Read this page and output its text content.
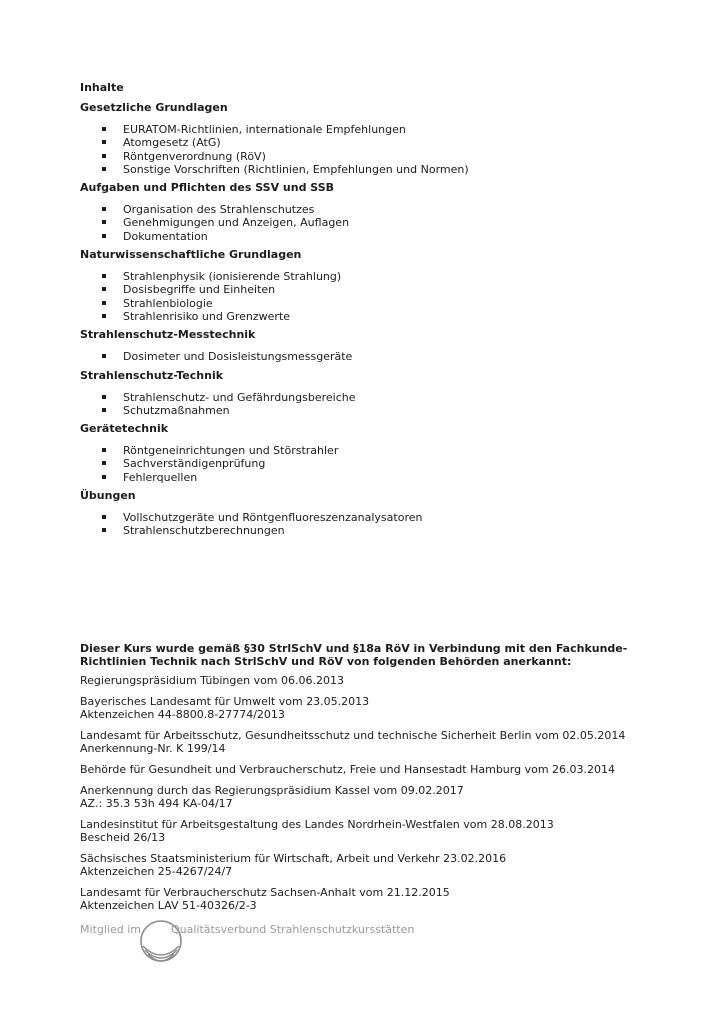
Inhalte
Gesetzliche Grundlagen
EURATOM-Richtlinien, internationale Empfehlungen
Atomgesetz (AtG)
Röntgenverordnung (RöV)
Sonstige Vorschriften (Richtlinien, Empfehlungen und Normen)
Aufgaben und Pflichten des SSV und SSB
Organisation des Strahlenschutzes
Genehmigungen und Anzeigen, Auflagen
Dokumentation
Naturwissenschaftliche Grundlagen
Strahlenphysik (ionisierende Strahlung)
Dosisbegriffe und Einheiten
Strahlenbiologie
Strahlenrisiko und Grenzwerte
Strahlenschutz-Messtechnik
Dosimeter und Dosisleistungsmessgeräte
Strahlenschutz-Technik
Strahlenschutz- und Gefährdungsbereiche
Schutzmaßnahmen
Gerätetechnik
Röntgeneinrichtungen und Störstrahler
Sachverständigenprüfung
Fehlerquellen
Übungen
Vollschutzgeräte und Röntgenfluoreszenzanalysatoren
Strahlenschutzberechnungen
Dieser Kurs wurde gemäß §30 StrlSchV und §18a RöV in Verbindung mit den Fachkunde-
Richtlinien Technik nach StrlSchV und RöV von folgenden Behörden anerkannt:
Regierungspräsidium Tübingen vom 06.06.2013
Bayerisches Landesamt für Umwelt vom 23.05.2013
Aktenzeichen 44-8800.8-27774/2013
Landesamt für Arbeitsschutz, Gesundheitsschutz und technische Sicherheit Berlin vom 02.05.2014
Anerkennung-Nr. K 199/14
Behörde für Gesundheit und Verbraucherschutz, Freie und Hansestadt Hamburg vom 26.03.2014
Anerkennung durch das Regierungspräsidium Kassel vom 09.02.2017
AZ.: 35.3 53h 494 KA-04/17
Landesinstitut für Arbeitsgestaltung des Landes Nordrhein-Westfalen vom 28.08.2013
Bescheid 26/13
Sächsisches Staatsministerium für Wirtschaft, Arbeit und Verkehr 23.02.2016
Aktenzeichen 25-4267/24/7
Landesamt für Verbraucherschutz Sachsen-Anhalt vom 21.12.2015
Aktenzeichen LAV 51-40326/2-3
Mitglied im	Qualitätsverbund Strahlenschutzkursstätten
